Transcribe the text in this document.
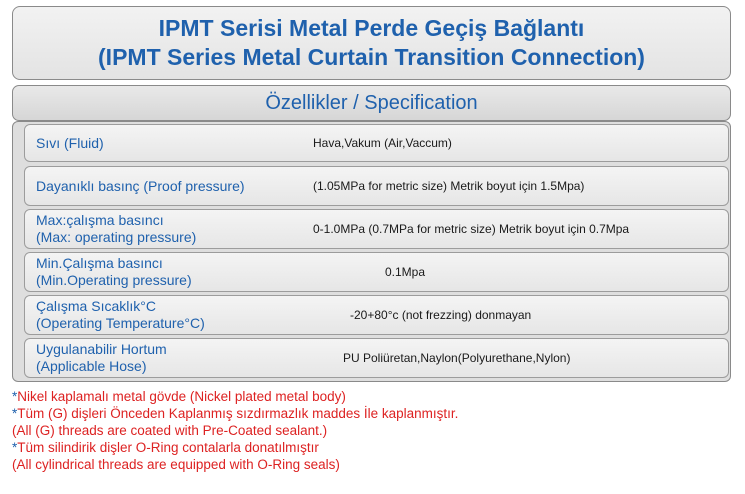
IPMT Serisi Metal Perde Geçiş Bağlantı
(IPMT Series Metal Curtain Transition Connection)
Özellikler / Specification
Sıvı (Fluid)	Hava,Vakum (Air,Vaccum)
Dayanıklı basınç (Proof pressure)	(1.05MPa for metric size) Metrik boyut için 1.5Mpa)
Max:çalışma basıncı
(Max: operating pressure)
0-1.0MPa (0.7MPa for metric size) Metrik boyut için 0.7Mpa
Min.Çalışma basıncı
(Min.Operating pressure)
0.1Mpa
Çalışma Sıcaklık°C
(Operating Temperature°C)
-20+80°c (not frezzing) donmayan
Uygulanabilir Hortum
(Applicable Hose)
PU Poliüretan,Naylon(Polyurethane,Nylon)
*Nikel kaplamalı metal gövde (Nickel plated metal body)
*Tüm (G) dişleri Önceden Kaplanmış sızdırmazlık maddes İle kaplanmıştır.
(All (G) threads are coated with Pre-Coated sealant.)
*Tüm silindirik dişler O-Ring contalarla donatılmıştır
(All cylindrical threads are equipped with O-Ring seals)
